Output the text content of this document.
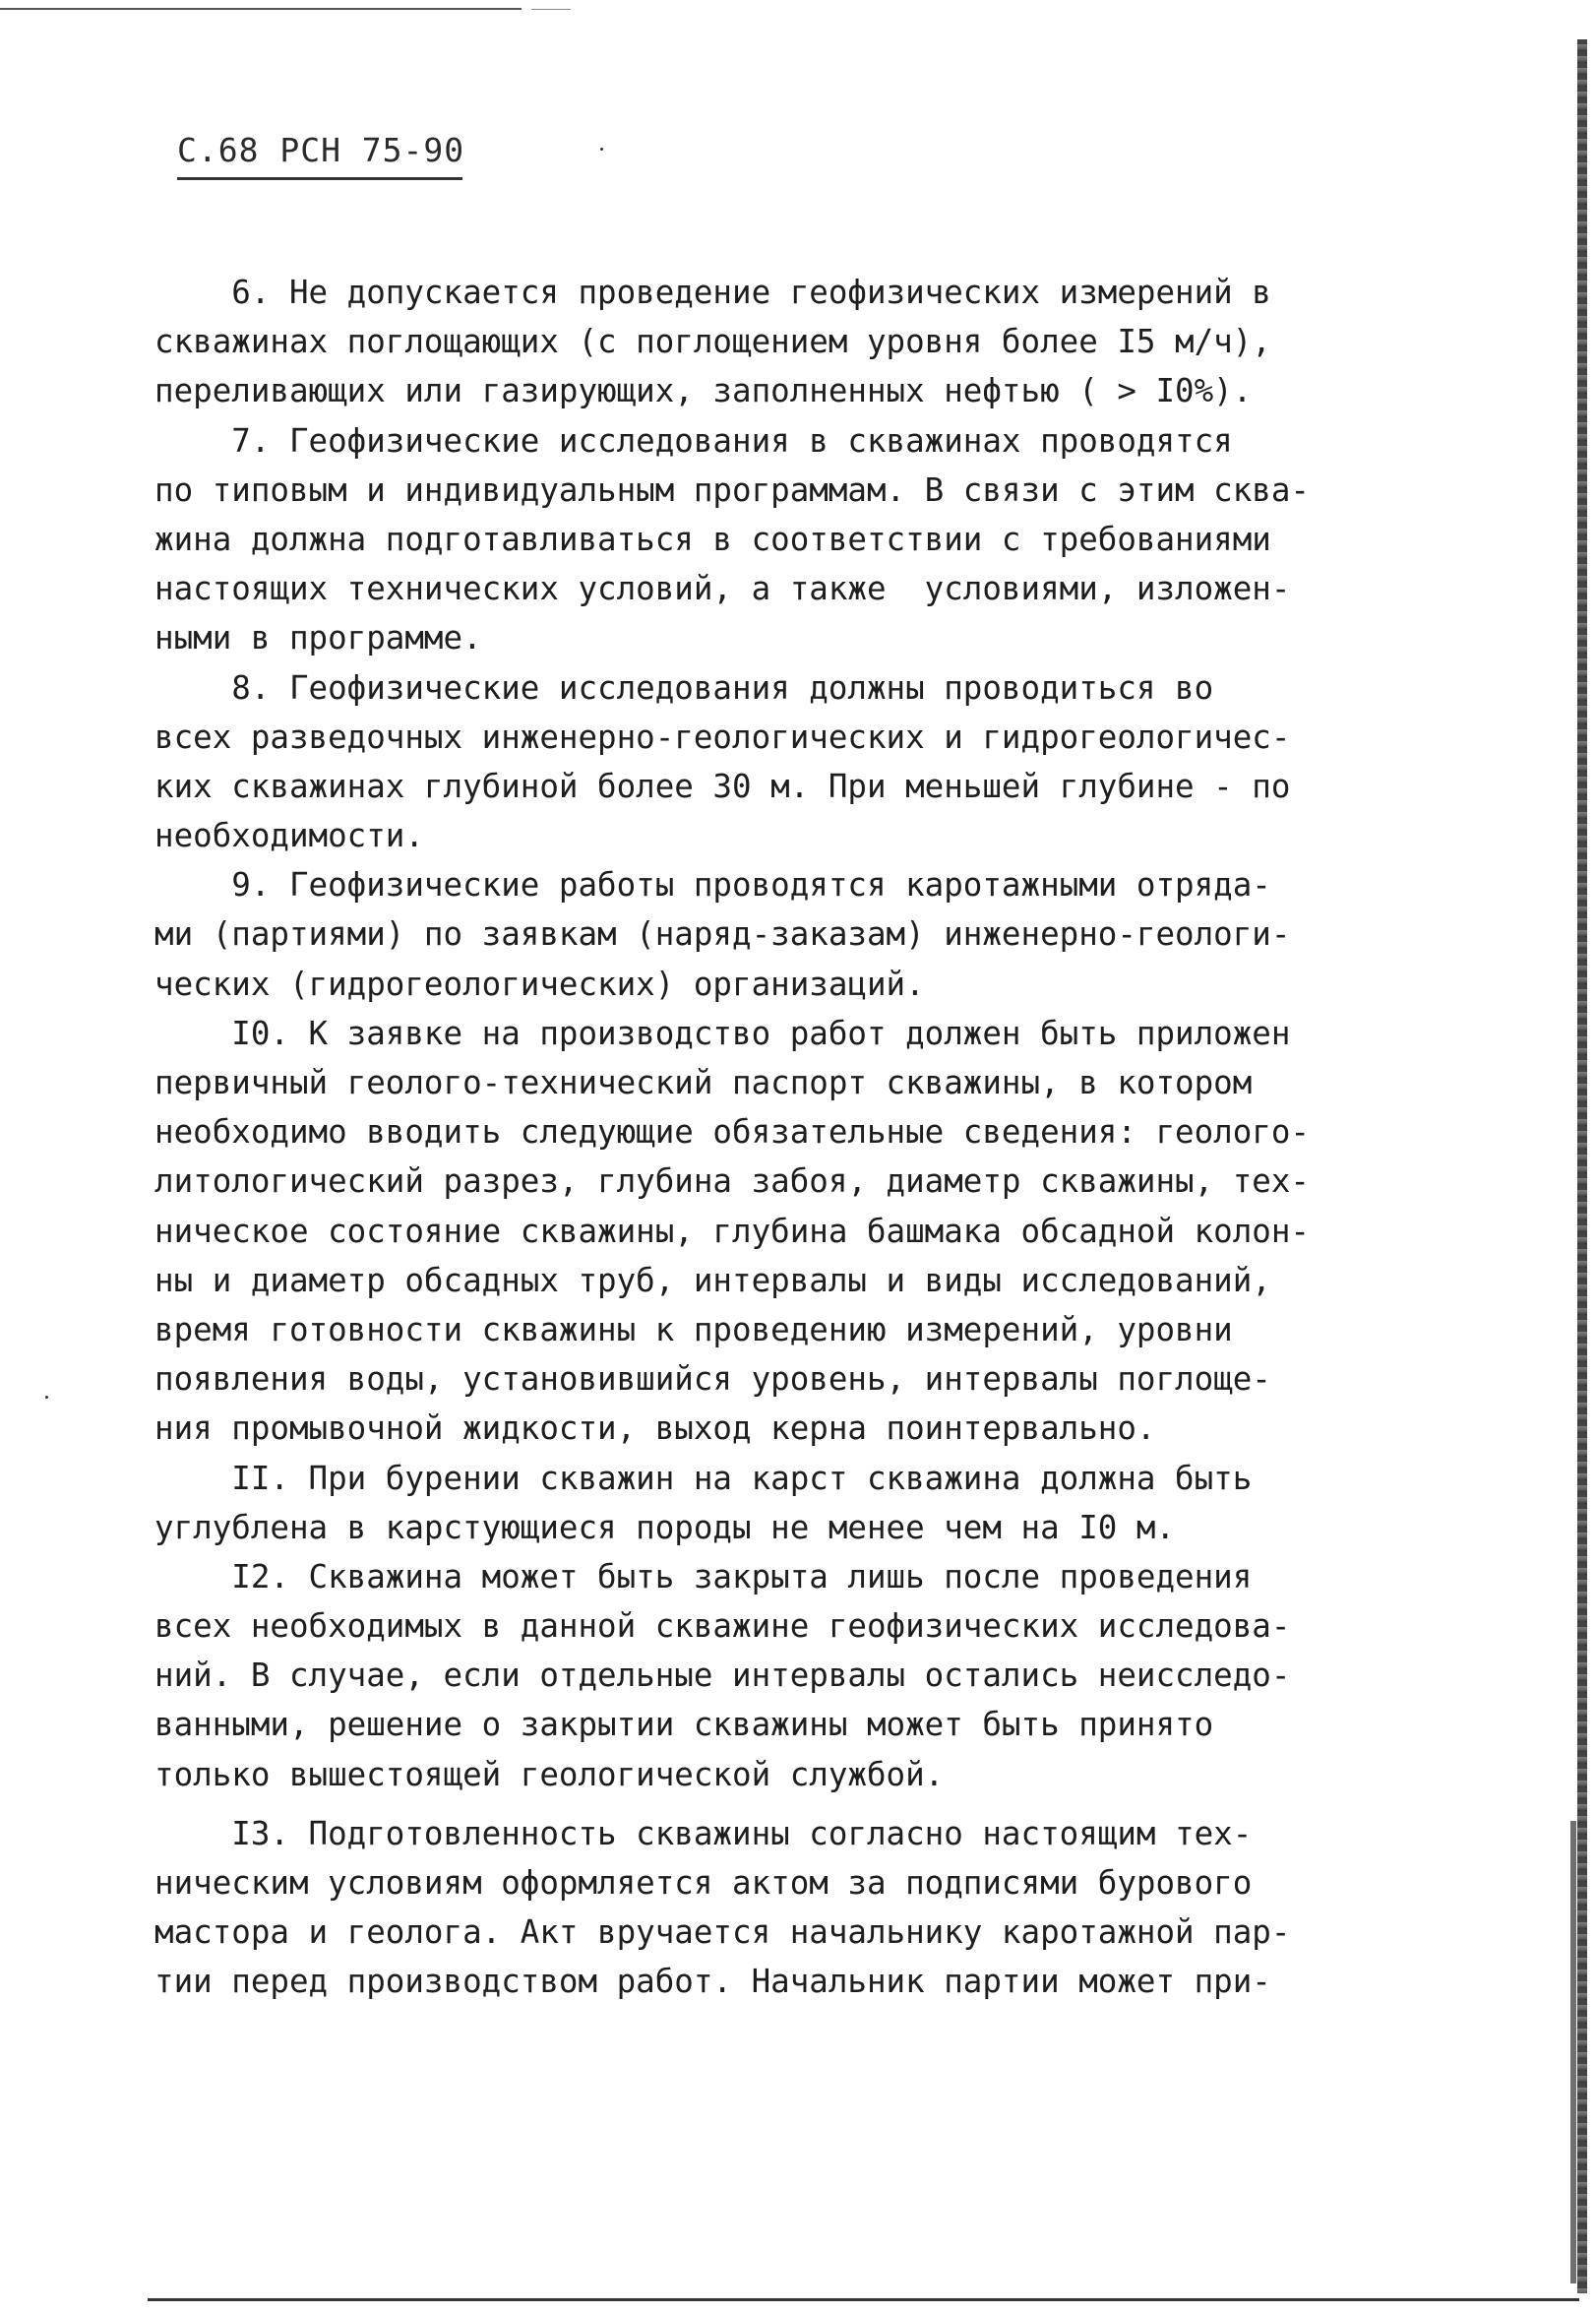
С.68 РСН 75-90
6. Не допускается проведение геофизических измерений в
скважинах поглощающих (с поглощением уровня более I5 м/ч),
переливающих или газирующих, заполненных нефтью ( > I0%).
7. Геофизические исследования в скважинах проводятся
по типовым и индивидуальным программам. В связи с этим сква-
жина должна подготавливаться в соответствии с требованиями
настоящих технических условий, а также  условиями, изложен-
ными в программе.
8. Геофизические исследования должны проводиться во
всех разведочных инженерно-геологических и гидрогеологичес-
ких скважинах глубиной более 30 м. При меньшей глубине - по
необходимости.
9. Геофизические работы проводятся каротажными отряда-
ми (партиями) по заявкам (наряд-заказам) инженерно-геологи-
ческих (гидрогеологических) организаций.
I0. К заявке на производство работ должен быть приложен
первичный геолого-технический паспорт скважины, в котором
необходимо вводить следующие обязательные сведения: геолого-
литологический разрез, глубина забоя, диаметр скважины, тех-
ническое состояние скважины, глубина башмака обсадной колон-
ны и диаметр обсадных труб, интервалы и виды исследований,
время готовности скважины к проведению измерений, уровни
появления воды, установившийся уровень, интервалы поглоще-
ния промывочной жидкости, выход керна поинтервально.
II. При бурении скважин на карст скважина должна быть
углублена в карстующиеся породы не менее чем на I0 м.
I2. Скважина может быть закрыта лишь после проведения
всех необходимых в данной скважине геофизических исследова-
ний. В случае, если отдельные интервалы остались неисследо-
ванными, решение о закрытии скважины может быть принято
только вышестоящей геологической службой.
I3. Подготовленность скважины согласно настоящим тех-
ническим условиям оформляется актом за подписями бурового
мастора и геолога. Акт вручается начальнику каротажной пар-
тии перед производством работ. Начальник партии может при-
